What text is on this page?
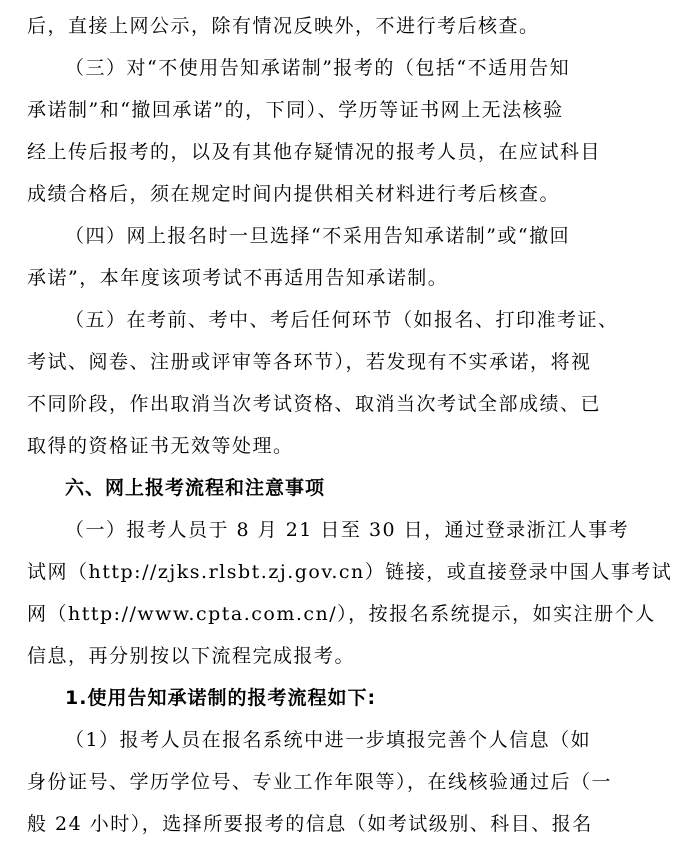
后，直接上网公示，除有情况反映外，不进行考后核查。
（三）对“不使用告知承诺制”报考的（包括“不适用告知
承诺制”和“撤回承诺”的，下同）、学历等证书网上无法核验
经上传后报考的，以及有其他存疑情况的报考人员，在应试科目
成绩合格后，须在规定时间内提供相关材料进行考后核查。
（四）网上报名时一旦选择“不采用告知承诺制”或“撤回
承诺”，本年度该项考试不再适用告知承诺制。
（五）在考前、考中、考后任何环节（如报名、打印准考证、
考试、阅卷、注册或评审等各环节），若发现有不实承诺，将视
不同阶段，作出取消当次考试资格、取消当次考试全部成绩、已
取得的资格证书无效等处理。
六、网上报考流程和注意事项
（一）报考人员于 8 月 21 日至 30 日，通过登录浙江人事考
试网（http://zjks.rlsbt.zj.gov.cn）链接，或直接登录中国人事考试
网（http://www.cpta.com.cn/），按报名系统提示，如实注册个人
信息，再分别按以下流程完成报考。
1.使用告知承诺制的报考流程如下:
（1）报考人员在报名系统中进一步填报完善个人信息（如
身份证号、学历学位号、专业工作年限等），在线核验通过后（一
般 24 小时），选择所要报考的信息（如考试级别、科目、报名
